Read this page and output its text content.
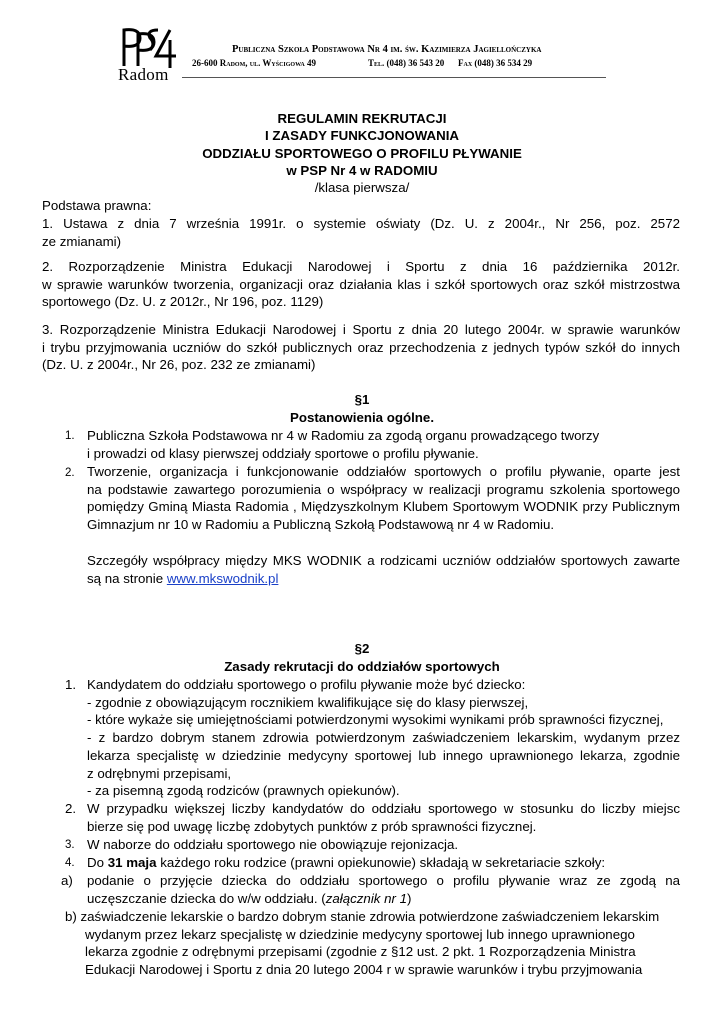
Radom
Publiczna Szkoła Podstawowa Nr 4 im. św. Kazimierza Jagiellończyka
26-600 Radom, ul. Wyścigowa 49	Tel. (048) 36 543 20 Fax (048) 36 534 29
REGULAMIN REKRUTACJI
I ZASADY FUNKCJONOWANIA
ODDZIAŁU SPORTOWEGO O PROFILU PŁYWANIE
w PSP Nr 4 w RADOMIU
/klasa pierwsza/
Podstawa prawna:
1. Ustawa z dnia 7 września 1991r. o systemie oświaty (Dz. U. z 2004r., Nr 256, poz. 2572
ze zmianami)
2. Rozporządzenie Ministra Edukacji Narodowej i Sportu z dnia 16 października 2012r.
w sprawie warunków tworzenia, organizacji oraz działania klas i szkół sportowych oraz szkół mistrzostwa
sportowego (Dz. U. z 2012r., Nr 196, poz. 1129)
3. Rozporządzenie Ministra Edukacji Narodowej i Sportu z dnia 20 lutego 2004r. w sprawie warunków
i trybu przyjmowania uczniów do szkół publicznych oraz przechodzenia z jednych typów szkół do innych
(Dz. U. z 2004r., Nr 26, poz. 232 ze zmianami)
§1
Postanowienia ogólne.
1. Publiczna Szkoła Podstawowa nr 4 w Radomiu za zgodą organu prowadzącego tworzy
i prowadzi od klasy pierwszej oddziały sportowe o profilu pływanie.
2. Tworzenie, organizacja i funkcjonowanie oddziałów sportowych o profilu pływanie, oparte jest
na podstawie zawartego porozumienia o współpracy w realizacji programu szkolenia sportowego
pomiędzy Gminą Miasta Radomia , Międzyszkolnym Klubem Sportowym WODNIK przy Publicznym
Gimnazjum nr 10 w Radomiu a Publiczną Szkołą Podstawową nr 4 w Radomiu.
Szczegóły współpracy między MKS WODNIK a rodzicami uczniów oddziałów sportowych zawarte
są na stronie www.mkswodnik.pl
§2
Zasady rekrutacji do oddziałów sportowych
1. Kandydatem do oddziału sportowego o profilu pływanie może być dziecko:
- zgodnie z obowiązującym rocznikiem kwalifikujące się do klasy pierwszej,
- które wykaże się umiejętnościami potwierdzonymi wysokimi wynikami prób sprawności fizycznej,
- z bardzo dobrym stanem zdrowia potwierdzonym zaświadczeniem lekarskim, wydanym przez
lekarza specjalistę w dziedzinie medycyny sportowej lub innego uprawnionego lekarza, zgodnie
z odrębnymi przepisami,
- za pisemną zgodą rodziców (prawnych opiekunów).
2. W przypadku większej liczby kandydatów do oddziału sportowego w stosunku do liczby miejsc
bierze się pod uwagę liczbę zdobytych punktów z prób sprawności fizycznej.
3. W naborze do oddziału sportowego nie obowiązuje rejonizacja.
4. Do 31 maja każdego roku rodzice (prawni opiekunowie) składają w sekretariacie szkoły:
a) podanie o przyjęcie dziecka do oddziału sportowego o profilu pływanie wraz ze zgodą na
uczęszczanie dziecka do w/w oddziału. (załącznik nr 1)
b) zaświadczenie lekarskie o bardzo dobrym stanie zdrowia potwierdzone zaświadczeniem lekarskim
wydanym przez lekarz specjalistę w dziedzinie medycyny sportowej lub innego uprawnionego
lekarza zgodnie z odrębnymi przepisami (zgodnie z §12 ust. 2 pkt. 1 Rozporządzenia Ministra
Edukacji Narodowej i Sportu z dnia 20 lutego 2004 r w sprawie warunków i trybu przyjmowania
